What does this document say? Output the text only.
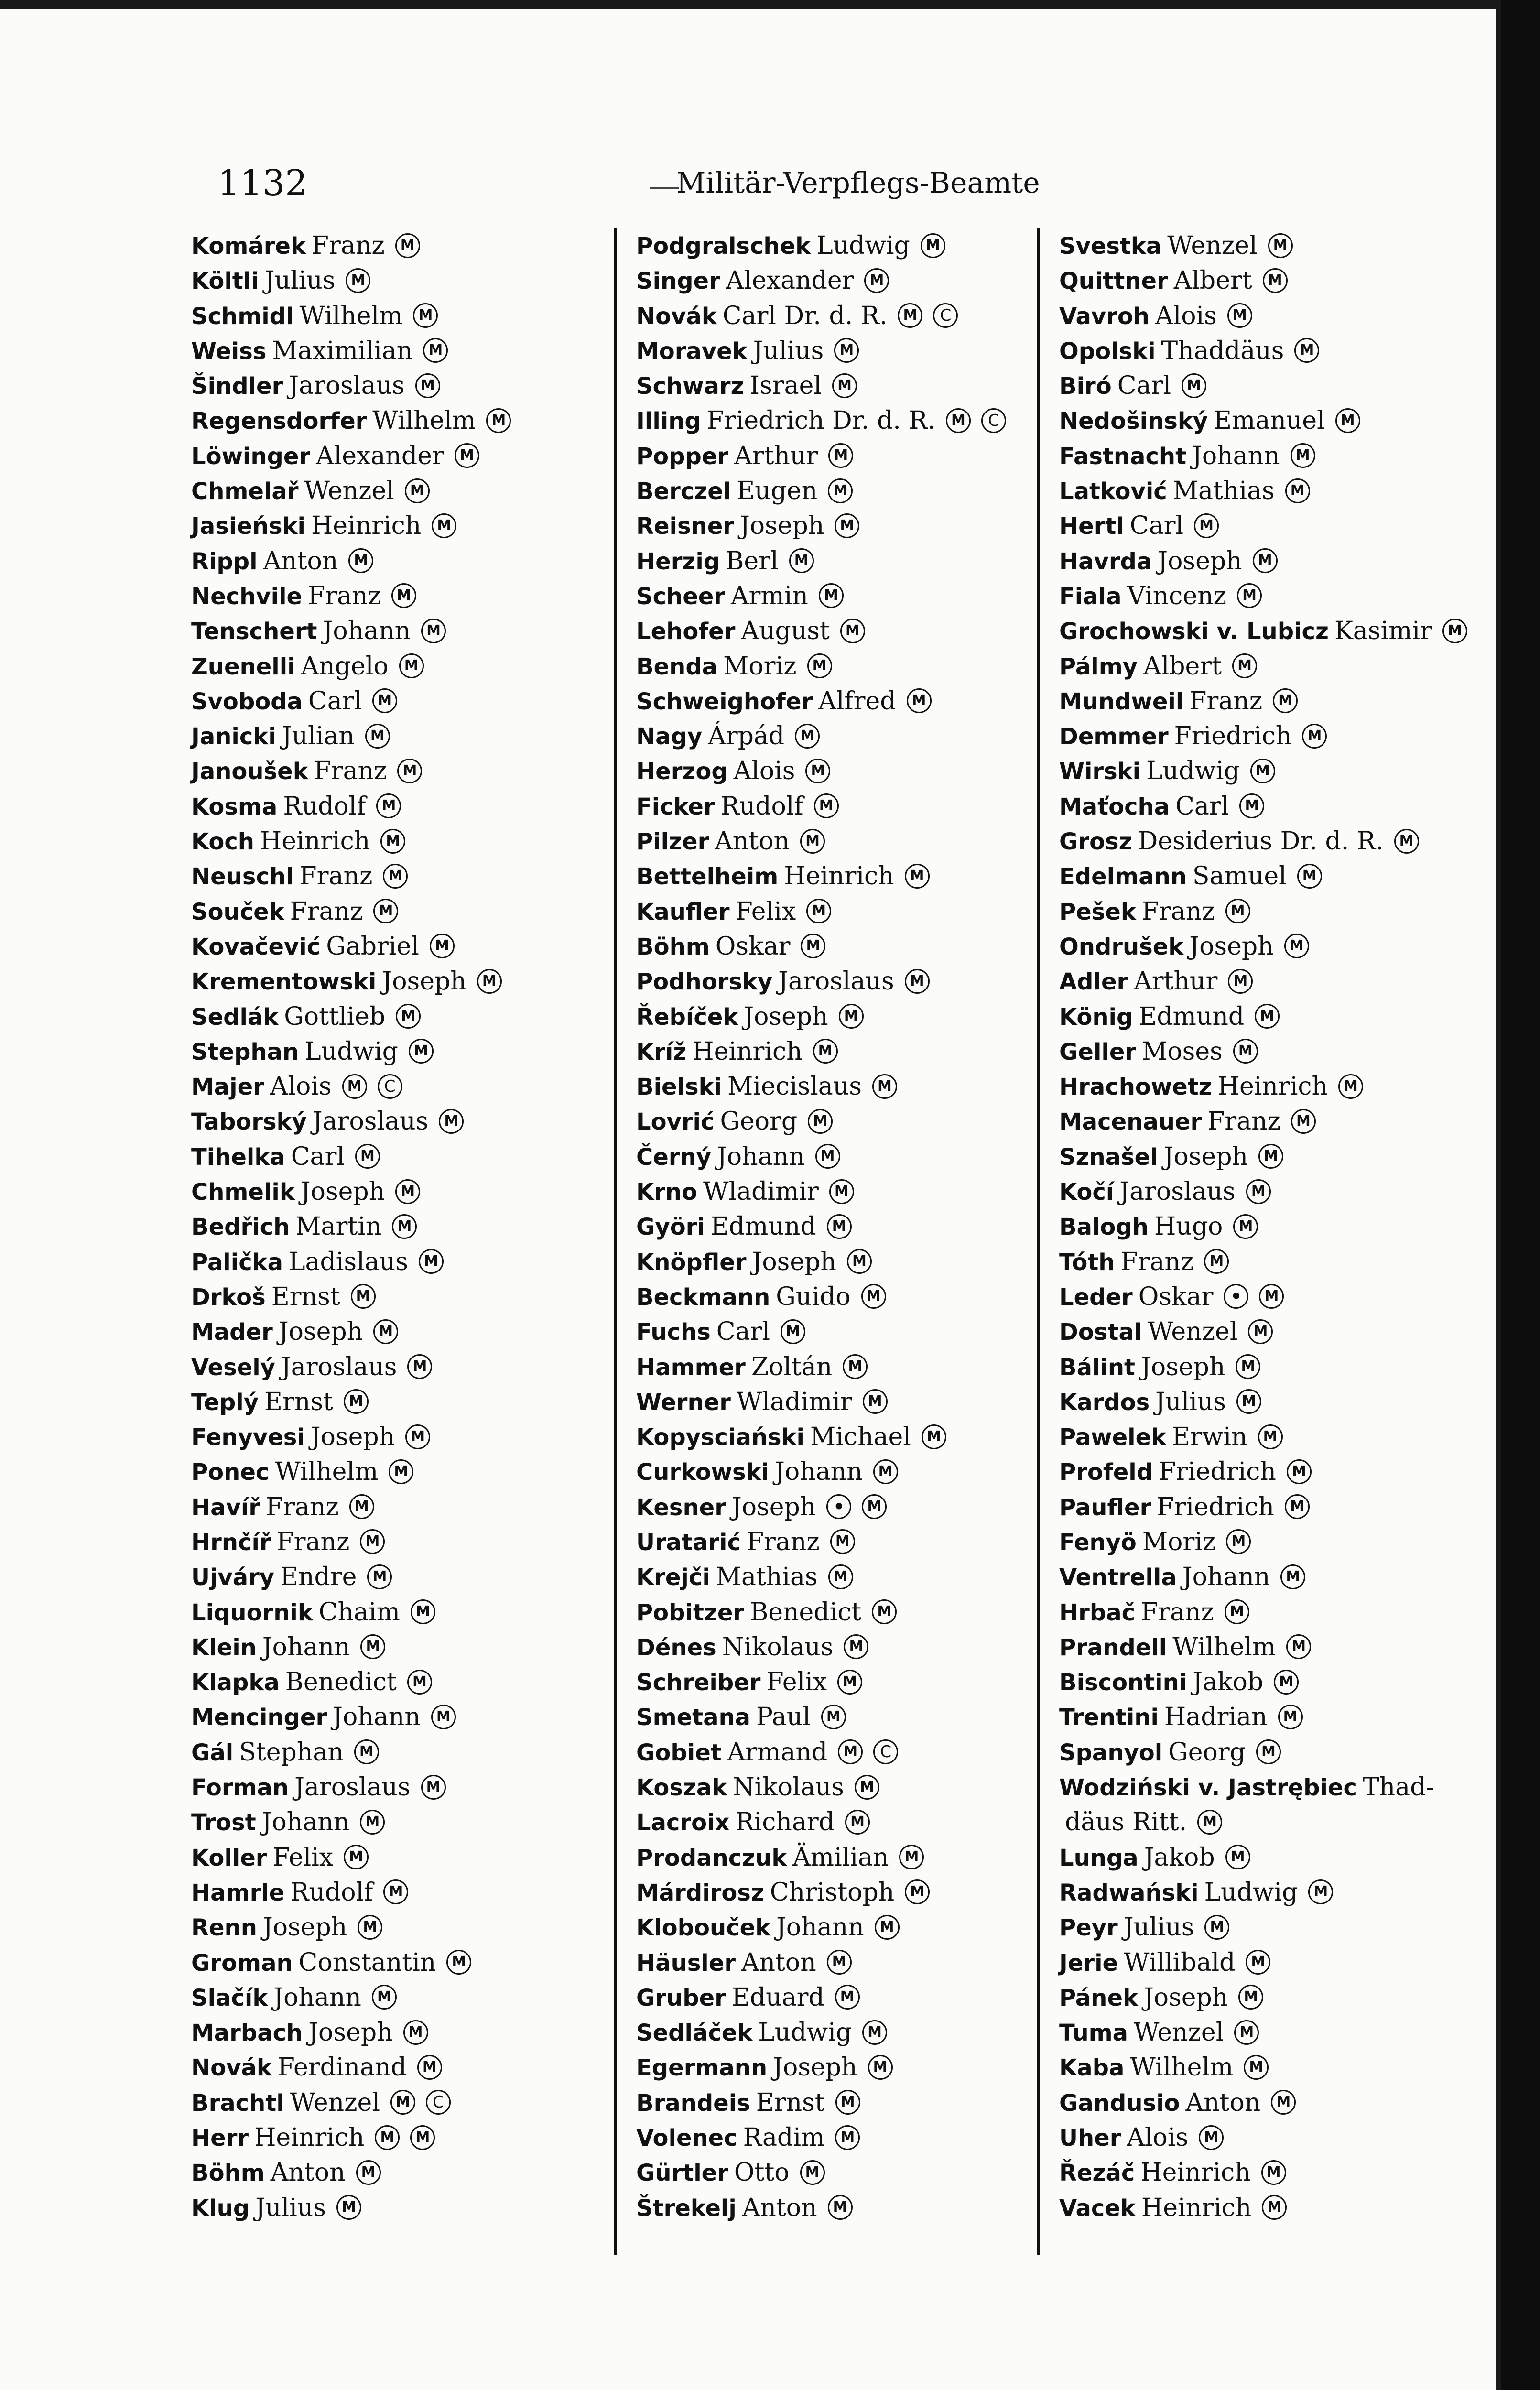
1132	Militär-Verpflegs-Beamte
Komárek Franz M
Költli Julius M
Schmidl Wilhelm M
Weiss Maximilian M
Šindler Jaroslaus M
Regensdorfer Wilhelm M
Löwinger Alexander M
Chmelař Wenzel M
Jasieński Heinrich M
Rippl Anton M
Nechvile Franz M
Tenschert Johann M
Zuenelli Angelo M
Svoboda Carl M
Janicki Julian M
Janoušek Franz M
Kosma Rudolf M
Koch Heinrich M
Neuschl Franz M
Souček Franz M
Kovačević Gabriel M
Krementowski Joseph M
Sedlák Gottlieb M
Stephan Ludwig M
Majer Alois M C
Taborský Jaroslaus M
Tihelka Carl M
Chmelik Joseph M
Bedřich Martin M
Palička Ladislaus M
Drkoš Ernst M
Mader Joseph M
Veselý Jaroslaus M
Teplý Ernst M
Fenyvesi Joseph M
Ponec Wilhelm M
Havíř Franz M
Hrnčíř Franz M
Ujváry Endre M
Liquornik Chaim M
Klein Johann M
Klapka Benedict M
Mencinger Johann M
Gál Stephan M
Forman Jaroslaus M
Trost Johann M
Koller Felix M
Hamrle Rudolf M
Renn Joseph M
Groman Constantin M
Slačík Johann M
Marbach Joseph M
Novák Ferdinand M
Brachtl Wenzel M C
Herr Heinrich M M
Böhm Anton M
Klug Julius M
Podgralschek Ludwig M
Singer Alexander M
Novák Carl Dr. d. R. M C
Moravek Julius M
Schwarz Israel M
Illing Friedrich Dr. d. R. M C
Popper Arthur M
Berczel Eugen M
Reisner Joseph M
Herzig Berl M
Scheer Armin M
Lehofer August M
Benda Moriz M
Schweighofer Alfred M
Nagy Árpád M
Herzog Alois M
Ficker Rudolf M
Pilzer Anton M
Bettelheim Heinrich M
Kaufler Felix M
Böhm Oskar M
Podhorsky Jaroslaus M
Řebíček Joseph M
Kríž Heinrich M
Bielski Miecislaus M
Lovrić Georg M
Černý Johann M
Krno Wladimir M
Györi Edmund M
Knöpfler Joseph M
Beckmann Guido M
Fuchs Carl M
Hammer Zoltán M
Werner Wladimir M
Kopysciański Michael M
Curkowski Johann M
Kesner Joseph • M
Uratarić Franz M
Krejči Mathias M
Pobitzer Benedict M
Dénes Nikolaus M
Schreiber Felix M
Smetana Paul M
Gobiet Armand M C
Koszak Nikolaus M
Lacroix Richard M
Prodanczuk Ämilian M
Márdirosz Christoph M
Klobouček Johann M
Häusler Anton M
Gruber Eduard M
Sedláček Ludwig M
Egermann Joseph M
Brandeis Ernst M
Volenec Radim M
Gürtler Otto M
Štrekelj Anton M
Svestka Wenzel M
Quittner Albert M
Vavroh Alois M
Opolski Thaddäus M
Biró Carl M
Nedošinský Emanuel M
Fastnacht Johann M
Latković Mathias M
Hertl Carl M
Havrda Joseph M
Fiala Vincenz M
Grochowski v. Lubicz Kasimir M
Pálmy Albert M
Mundweil Franz M
Demmer Friedrich M
Wirski Ludwig M
Maťocha Carl M
Grosz Desiderius Dr. d. R. M
Edelmann Samuel M
Pešek Franz M
Ondrušek Joseph M
Adler Arthur M
König Edmund M
Geller Moses M
Hrachowetz Heinrich M
Macenauer Franz M
Sznašel Joseph M
Kočí Jaroslaus M
Balogh Hugo M
Tóth Franz M
Leder Oskar • M
Dostal Wenzel M
Bálint Joseph M
Kardos Julius M
Pawelek Erwin M
Profeld Friedrich M
Paufler Friedrich M
Fenyö Moriz M
Ventrella Johann M
Hrbač Franz M
Prandell Wilhelm M
Biscontini Jakob M
Trentini Hadrian M
Spanyol Georg M
Wodziński v. Jastrębiec Thad-
däus Ritt. M
Lunga Jakob M
Radwański Ludwig M
Peyr Julius M
Jerie Willibald M
Pánek Joseph M
Tuma Wenzel M
Kaba Wilhelm M
Gandusio Anton M
Uher Alois M
Řezáč Heinrich M
Vacek Heinrich M
